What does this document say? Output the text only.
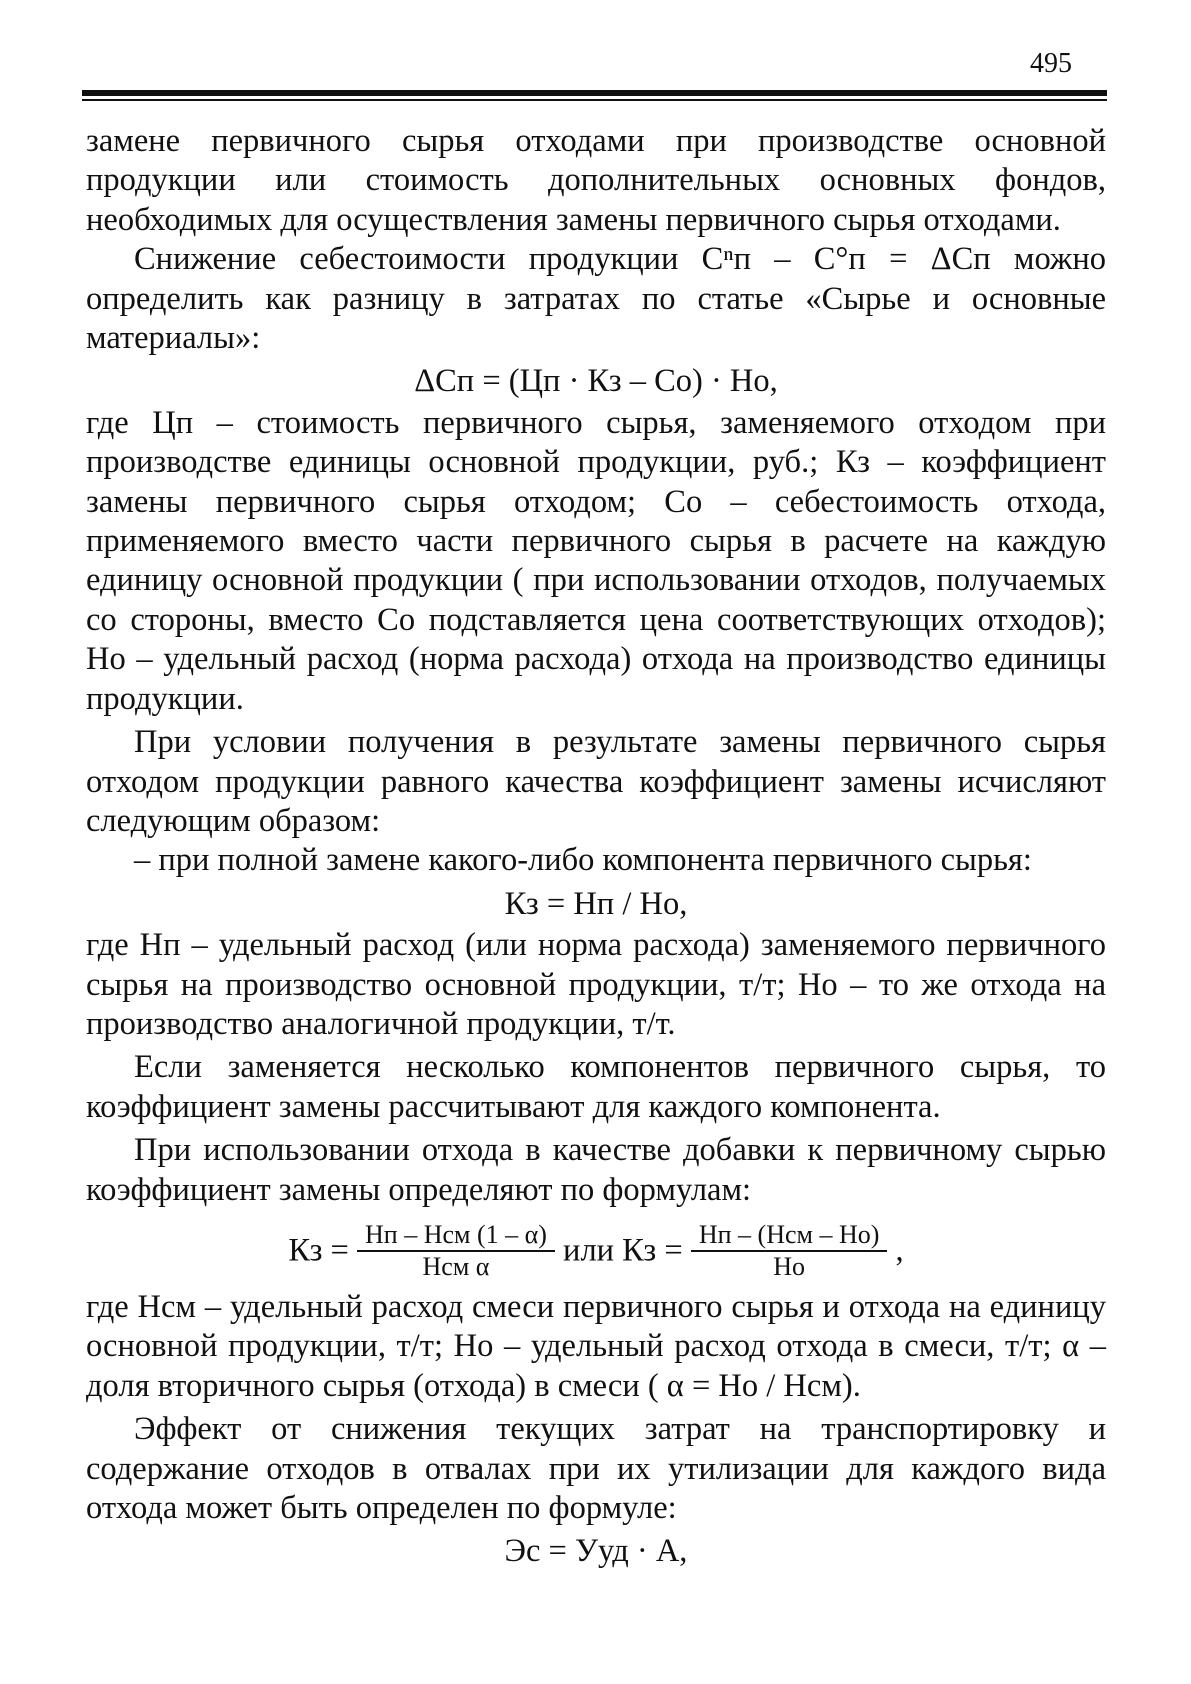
495

замене первичного сырья отходами при производстве основной продукции или стоимость дополнительных основных фондов, необходимых для осуществления замены первичного сырья отходами.

Снижение себестоимости продукции Сⁿп – С°п = ΔСп можно определить как разницу в затратах по статье «Сырье и основные материалы»:

ΔСп = (Цп · Кз – Со) · Но,

где Цп – стоимость первичного сырья, заменяемого отходом при производстве единицы основной продукции, руб.; Кз – коэффициент замены первичного сырья отходом; Со – себестоимость отхода, применяемого вместо части первичного сырья в расчете на каждую единицу основной продукции ( при использовании отходов, получаемых со стороны, вместо Со подставляется цена соответствующих отходов); Но – удельный расход (норма расхода) отхода на производство единицы продукции.

При условии получения в результате замены первичного сырья отходом продукции равного качества коэффициент замены исчисляют следующим образом:

– при полной замене какого-либо компонента первичного сырья:

Кз = Нп / Но,

где Нп – удельный расход (или норма расхода) заменяемого первичного сырья на производство основной продукции, т/т; Но – то же отхода на производство аналогичной продукции, т/т.

Если заменяется несколько компонентов первичного сырья, то коэффициент замены рассчитывают для каждого компонента.

При использовании отхода в качестве добавки к первичному сырью коэффициент замены определяют по формулам:

Кз = $\frac{\text{Нп – Нсм (1 – α)}}{\text{Нсм α}}$ или Кз = $\frac{\text{Нп – (Нсм – Но)}}{Но}$ ,

где Нсм – удельный расход смеси первичного сырья и отхода на единицу основной продукции, т/т; Но – удельный расход отхода в смеси, т/т; α – доля вторичного сырья (отхода) в смеси ( α = Но / Нсм).

Эффект от снижения текущих затрат на транспортировку и содержание отходов в отвалах при их утилизации для каждого вида отхода может быть определен по формуле:

Эс = Ууд · А,
